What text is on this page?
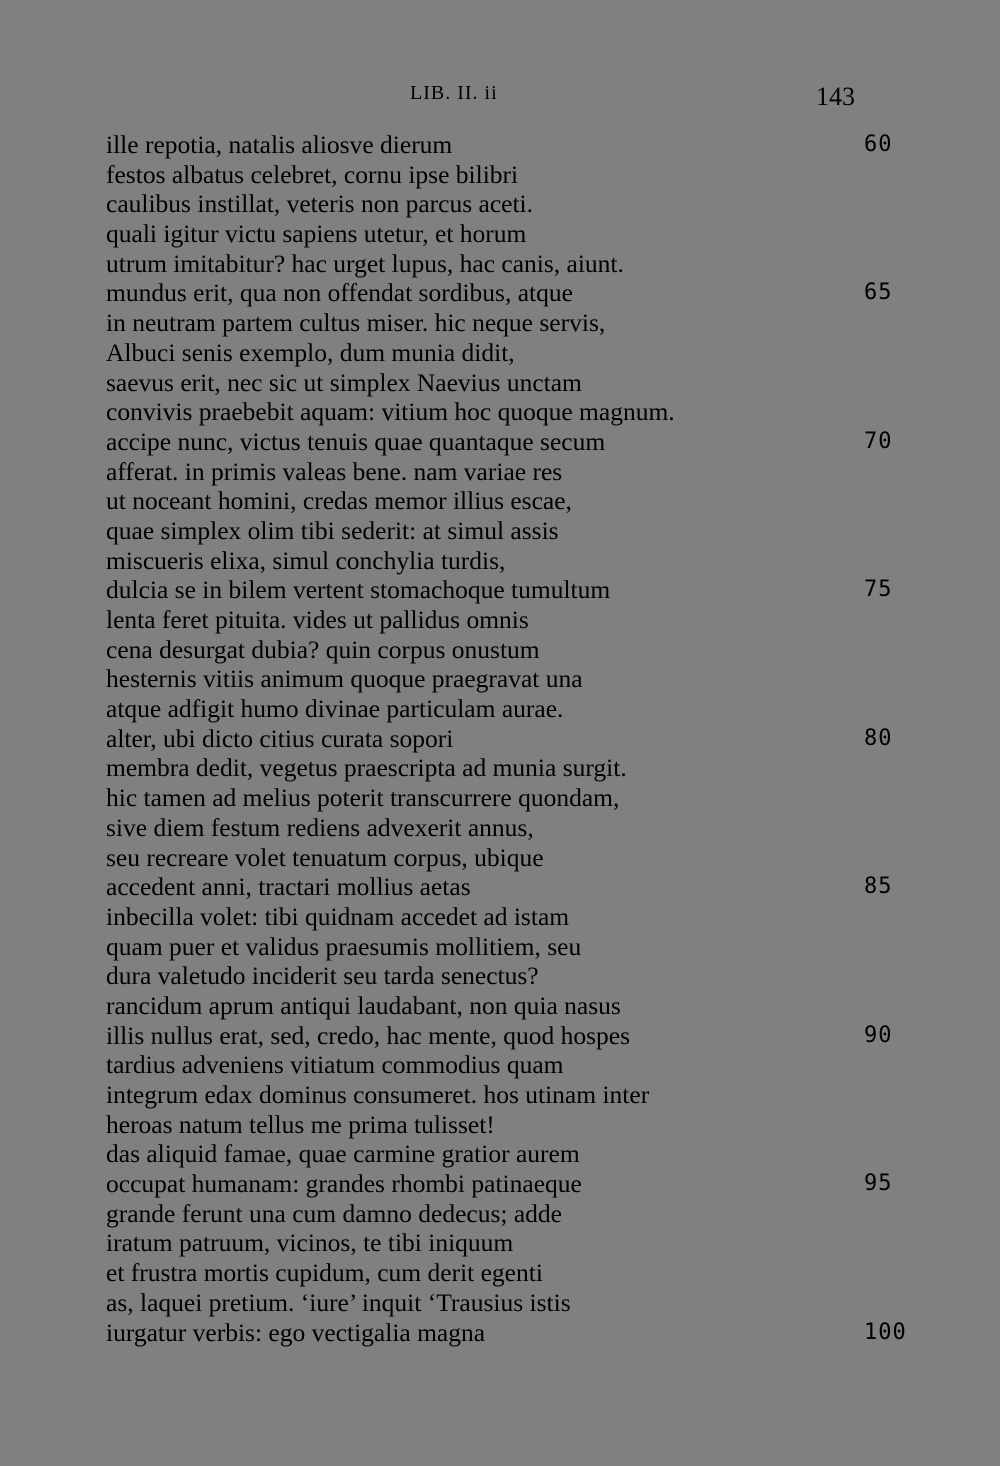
LIB. II. ii	143
ille repotia, natalis aliosve dierum	60
festos albatus celebret, cornu ipse bilibri
caulibus instillat, veteris non parcus aceti.
quali igitur victu sapiens utetur, et horum
utrum imitabitur? hac urget lupus, hac canis, aiunt.
mundus erit, qua non offendat sordibus, atque	65
in neutram partem cultus miser. hic neque servis,
Albuci senis exemplo, dum munia didit,
saevus erit, nec sic ut simplex Naevius unctam
convivis praebebit aquam: vitium hoc quoque magnum.
accipe nunc, victus tenuis quae quantaque secum	70
afferat. in primis valeas bene. nam variae res
ut noceant homini, credas memor illius escae,
quae simplex olim tibi sederit: at simul assis
miscueris elixa, simul conchylia turdis,
dulcia se in bilem vertent stomachoque tumultum	75
lenta feret pituita. vides ut pallidus omnis
cena desurgat dubia? quin corpus onustum
hesternis vitiis animum quoque praegravat una
atque adfigit humo divinae particulam aurae.
alter, ubi dicto citius curata sopori	80
membra dedit, vegetus praescripta ad munia surgit.
hic tamen ad melius poterit transcurrere quondam,
sive diem festum rediens advexerit annus,
seu recreare volet tenuatum corpus, ubique
accedent anni, tractari mollius aetas	85
inbecilla volet: tibi quidnam accedet ad istam
quam puer et validus praesumis mollitiem, seu
dura valetudo inciderit seu tarda senectus?
rancidum aprum antiqui laudabant, non quia nasus
illis nullus erat, sed, credo, hac mente, quod hospes	90
tardius adveniens vitiatum commodius quam
integrum edax dominus consumeret. hos utinam inter
heroas natum tellus me prima tulisset!
das aliquid famae, quae carmine gratior aurem
occupat humanam: grandes rhombi patinaeque	95
grande ferunt una cum damno dedecus; adde
iratum patruum, vicinos, te tibi iniquum
et frustra mortis cupidum, cum derit egenti
as, laquei pretium. ‘iure’ inquit ‘Trausius istis
iurgatur verbis: ego vectigalia magna	100
